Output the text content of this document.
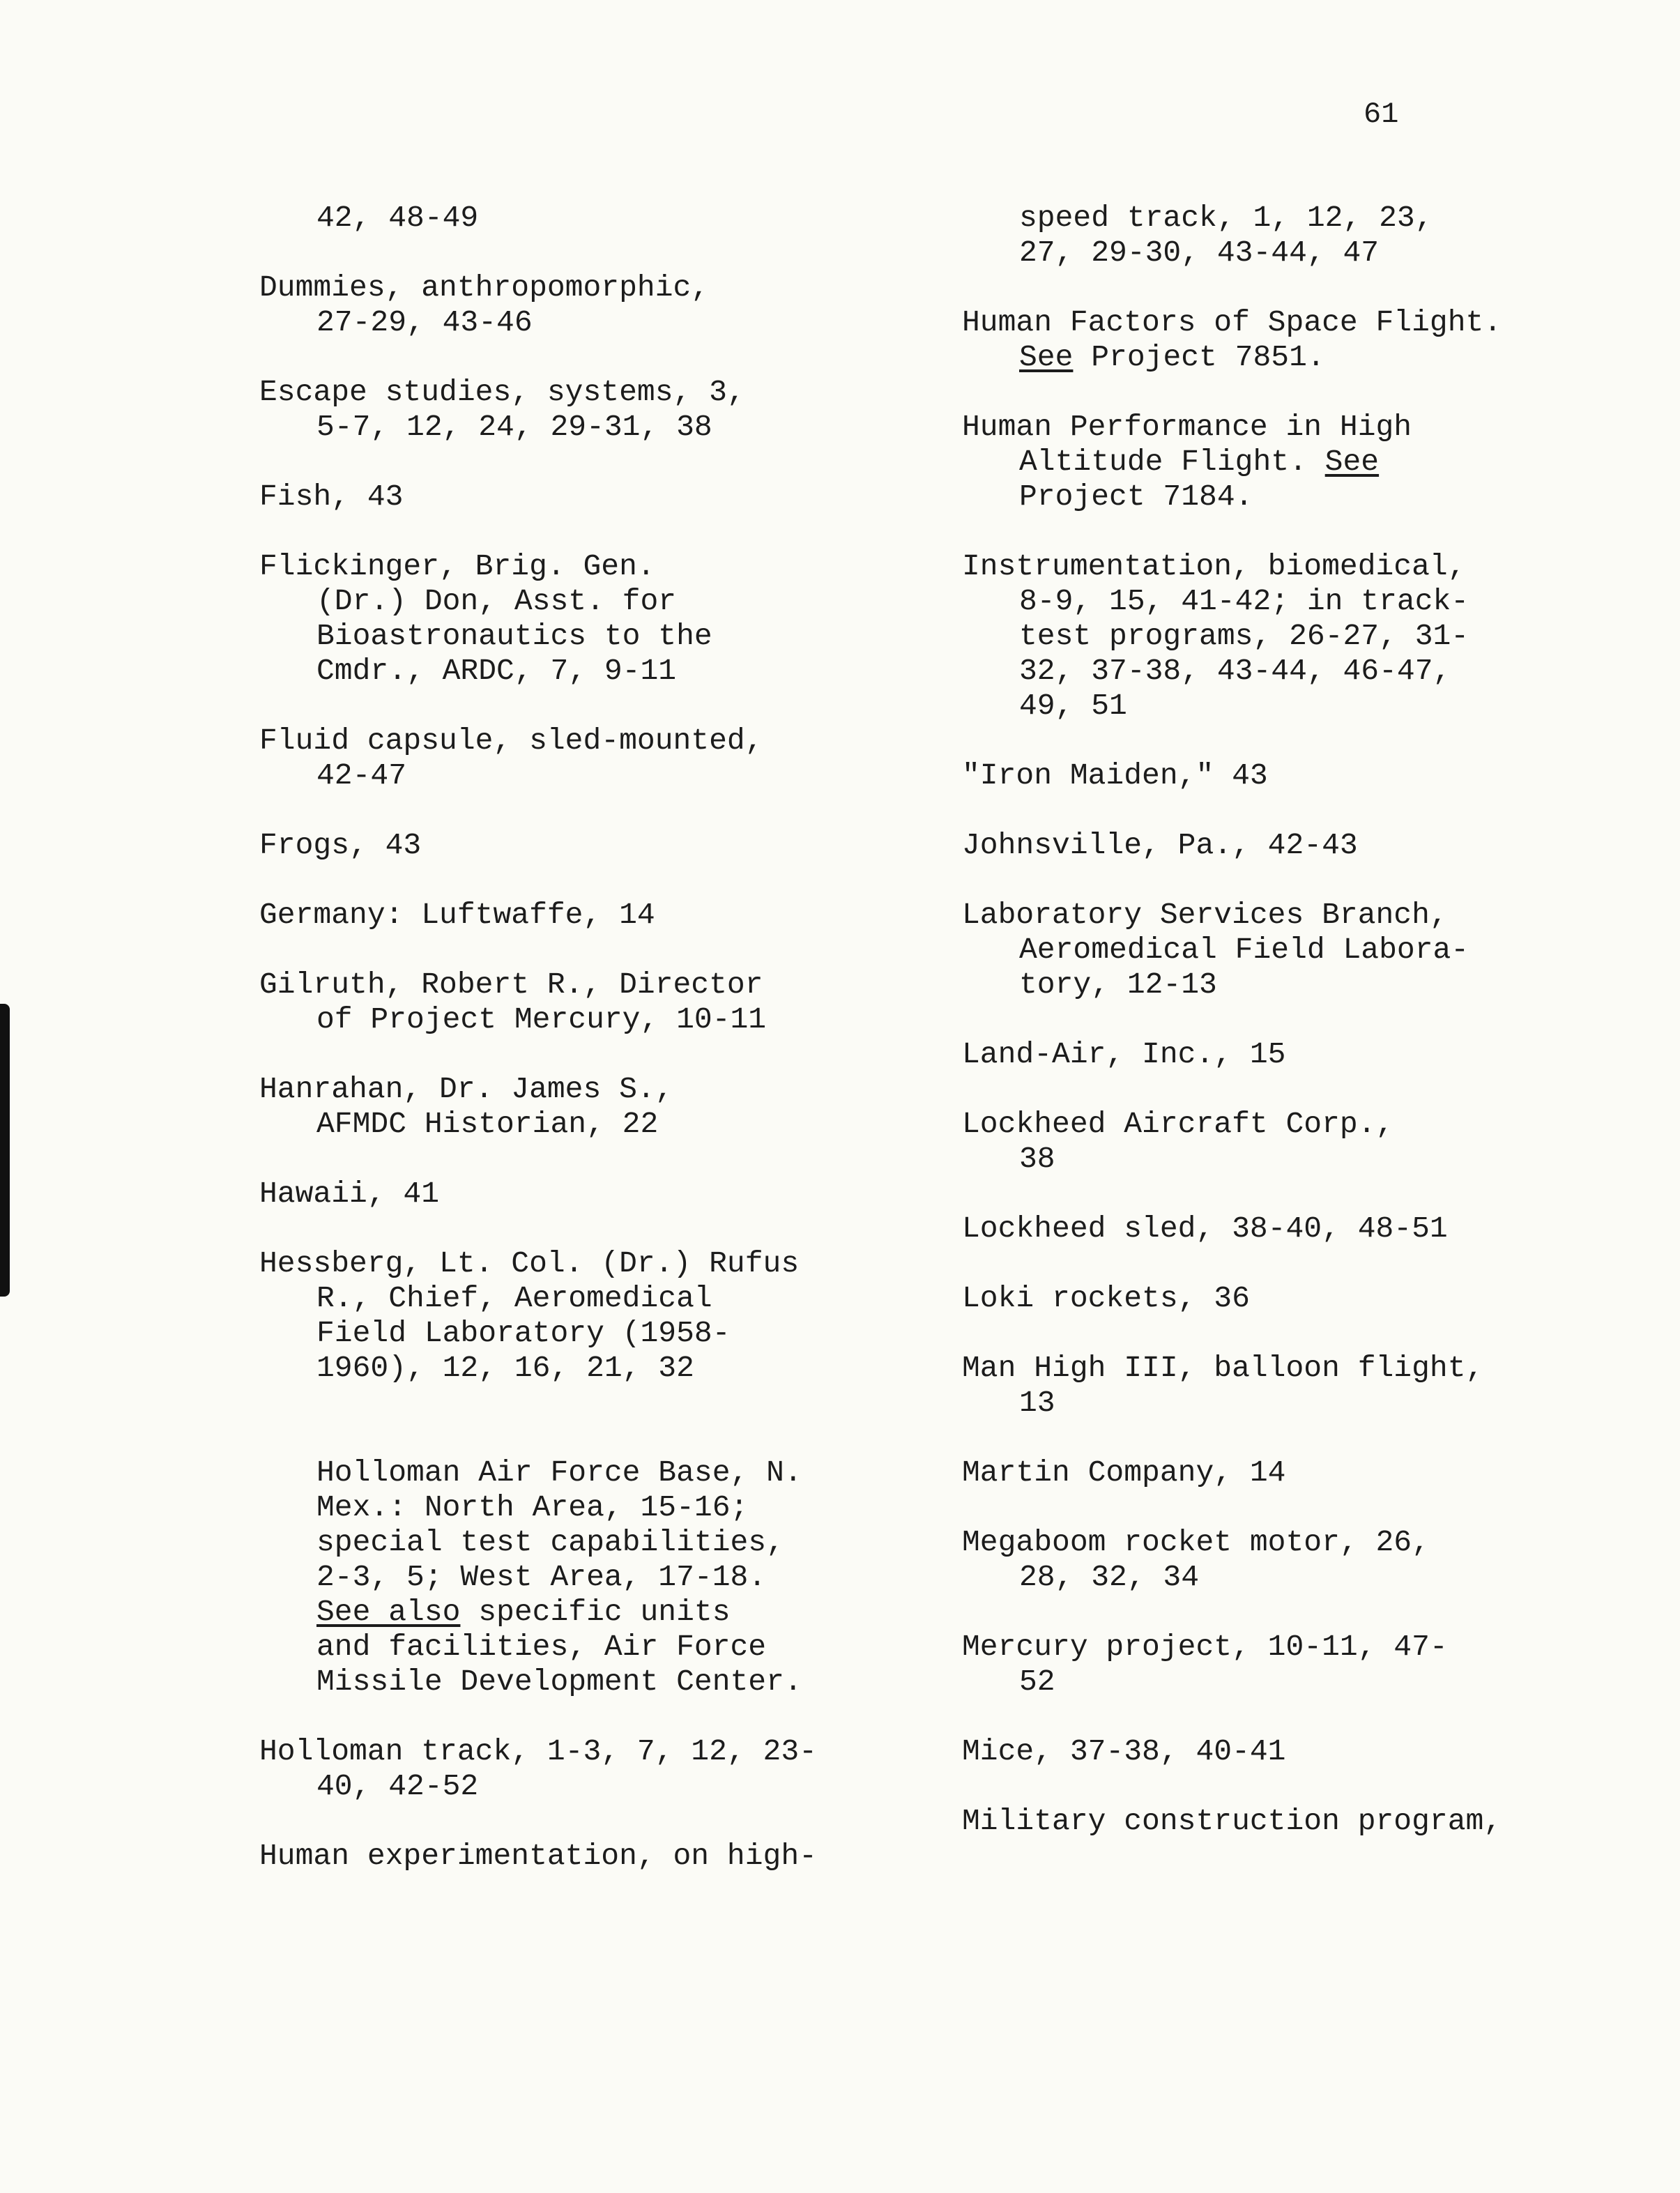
61
42, 48-49
Dummies, anthropomorphic,
27-29, 43-46
Escape studies, systems, 3,
5-7, 12, 24, 29-31, 38
Fish, 43
Flickinger, Brig. Gen.
(Dr.) Don, Asst. for
Bioastronautics to the
Cmdr., ARDC, 7, 9-11
Fluid capsule, sled-mounted,
42-47
Frogs, 43
Germany: Luftwaffe, 14
Gilruth, Robert R., Director
of Project Mercury, 10-11
Hanrahan, Dr. James S.,
AFMDC Historian, 22
Hawaii, 41
Hessberg, Lt. Col. (Dr.) Rufus
R., Chief, Aeromedical
Field Laboratory (1958-
1960), 12, 16, 21, 32

Holloman Air Force Base, N.
Mex.: North Area, 15-16;
special test capabilities,
2-3, 5; West Area, 17-18.

See also specific units
and facilities, Air Force
Missile Development Center.
Holloman track, 1-3, 7, 12, 23-
40, 42-52
Human experimentation, on high-
speed track, 1, 12, 23,
27, 29-30, 43-44, 47
Human Factors of Space Flight.
See Project 7851.
Human Performance in High
Altitude Flight. See
Project 7184.
Instrumentation, biomedical,
8-9, 15, 41-42; in track-
test programs, 26-27, 31-
32, 37-38, 43-44, 46-47,
49, 51
"Iron Maiden," 43
Johnsville, Pa., 42-43
Laboratory Services Branch,
Aeromedical Field Labora-
tory, 12-13
Land-Air, Inc., 15
Lockheed Aircraft Corp.,
38
Lockheed sled, 38-40, 48-51
Loki rockets, 36
Man High III, balloon flight,
13
Martin Company, 14
Megaboom rocket motor, 26,
28, 32, 34
Mercury project, 10-11, 47-
52
Mice, 37-38, 40-41
Military construction program,
